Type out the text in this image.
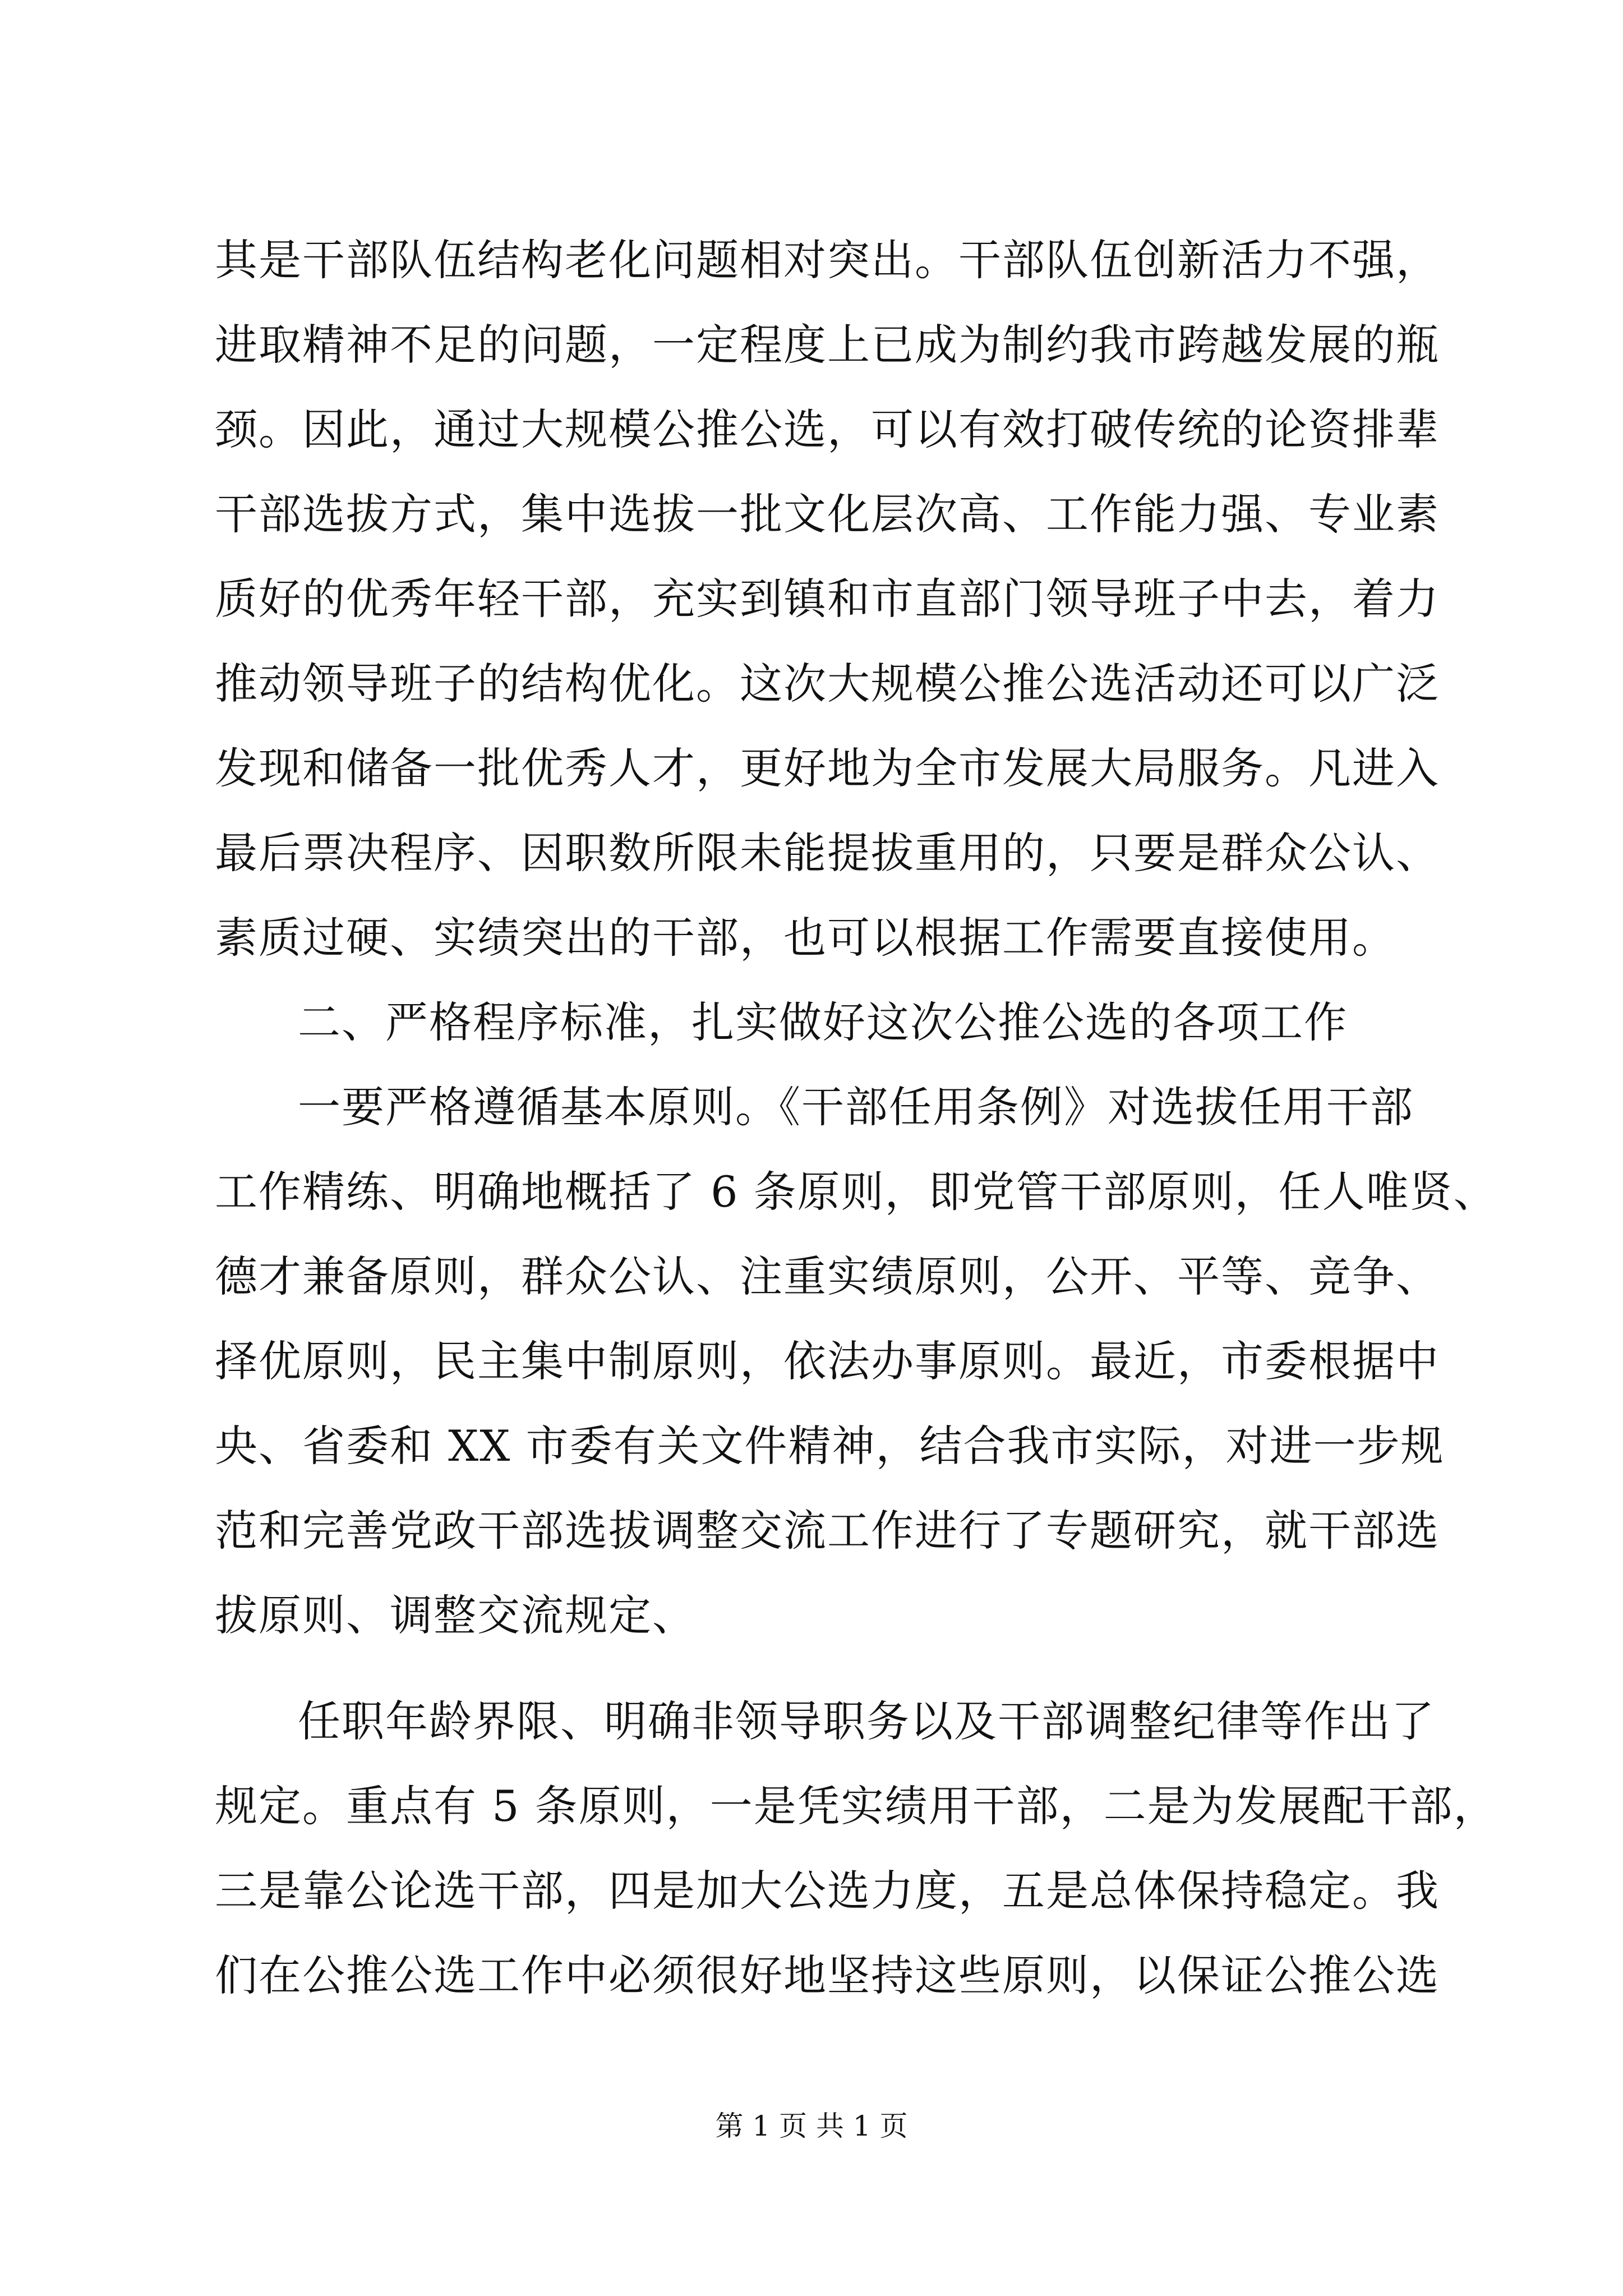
其是干部队伍结构老化问题相对突出。干部队伍创新活力不强，
进取精神不足的问题，一定程度上已成为制约我市跨越发展的瓶
颈。因此，通过大规模公推公选，可以有效打破传统的论资排辈
干部选拔方式，集中选拔一批文化层次高、工作能力强、专业素
质好的优秀年轻干部，充实到镇和市直部门领导班子中去，着力
推动领导班子的结构优化。这次大规模公推公选活动还可以广泛
发现和储备一批优秀人才，更好地为全市发展大局服务。凡进入
最后票决程序、因职数所限未能提拔重用的，只要是群众公认、
素质过硬、实绩突出的干部，也可以根据工作需要直接使用。
二、严格程序标准，扎实做好这次公推公选的各项工作
一要严格遵循基本原则。《干部任用条例》对选拔任用干部
工作精练、明确地概括了 6 条原则，即党管干部原则，任人唯贤、
德才兼备原则，群众公认、注重实绩原则，公开、平等、竞争、
择优原则，民主集中制原则，依法办事原则。最近，市委根据中
央、省委和 XX 市委有关文件精神，结合我市实际，对进一步规
范和完善党政干部选拔调整交流工作进行了专题研究，就干部选
拔原则、调整交流规定、
任职年龄界限、明确非领导职务以及干部调整纪律等作出了
规定。重点有 5 条原则，一是凭实绩用干部，二是为发展配干部，
三是靠公论选干部，四是加大公选力度，五是总体保持稳定。我
们在公推公选工作中必须很好地坚持这些原则，以保证公推公选
第 1 页 共 1 页
